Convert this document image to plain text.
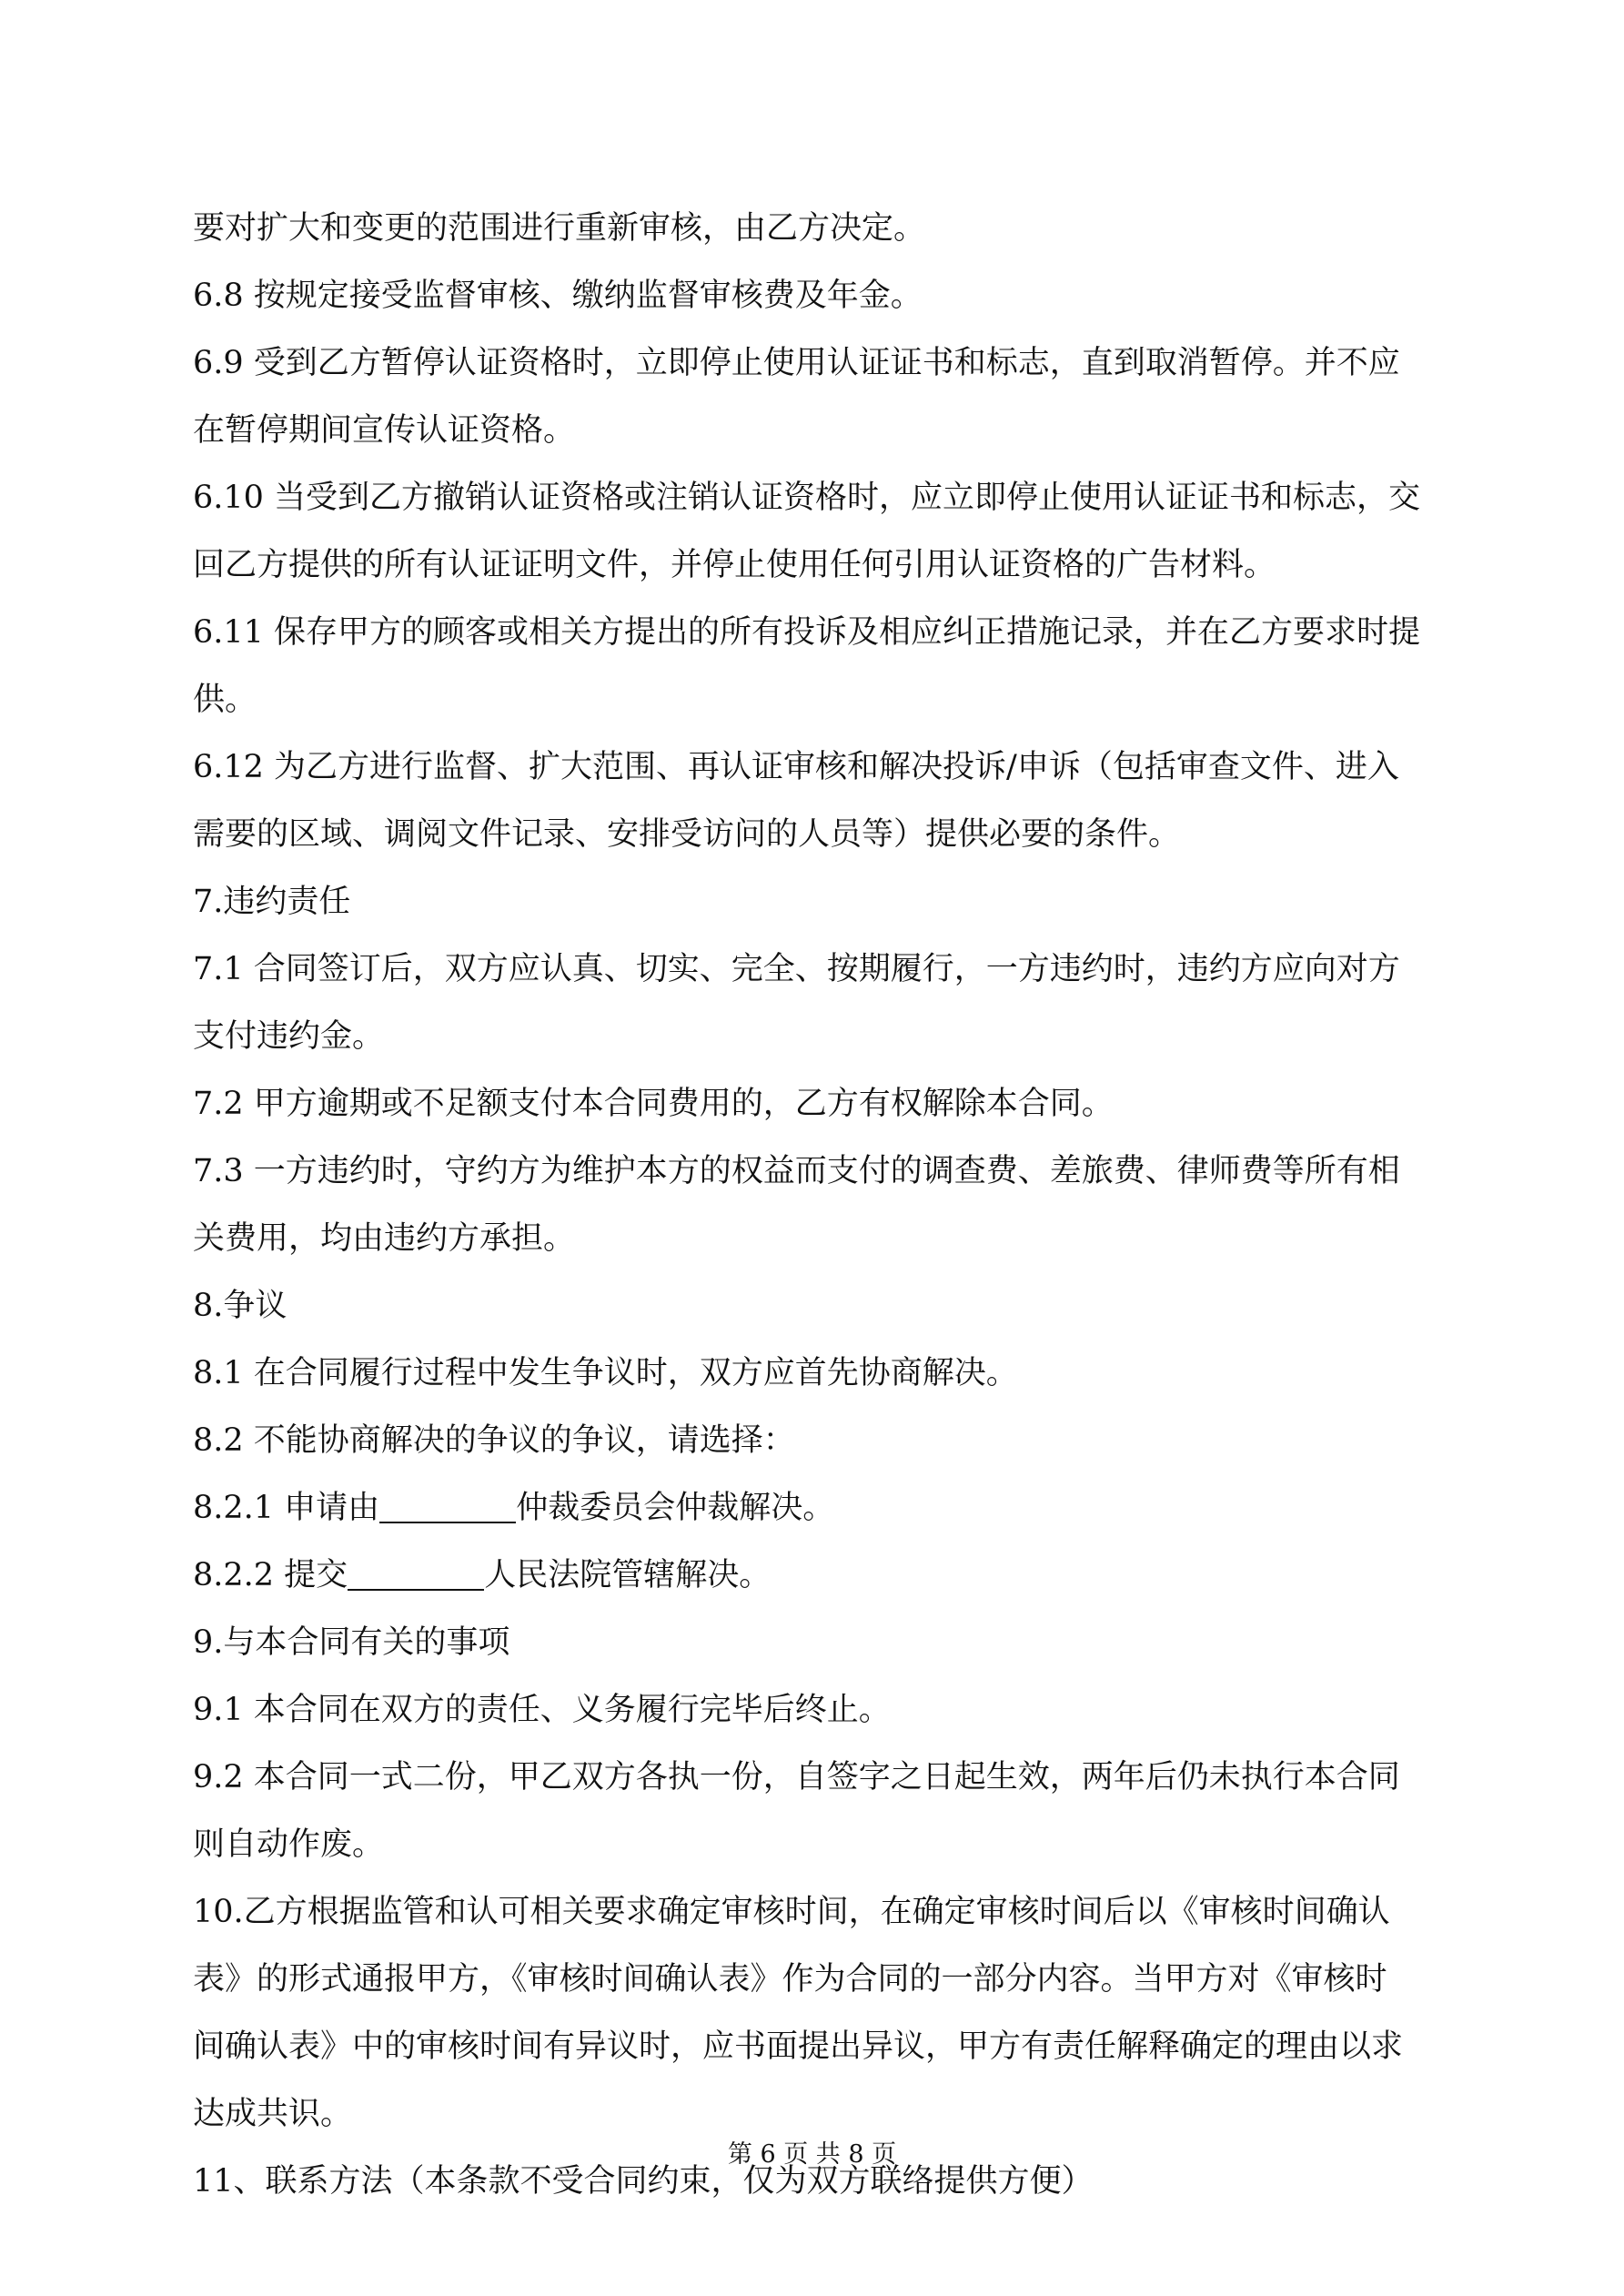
要对扩大和变更的范围进行重新审核，由乙方决定。
6.8 按规定接受监督审核、缴纳监督审核费及年金。
6.9 受到乙方暂停认证资格时，立即停止使用认证证书和标志，直到取消暂停。并不应
在暂停期间宣传认证资格。
6.10 当受到乙方撤销认证资格或注销认证资格时，应立即停止使用认证证书和标志，交
回乙方提供的所有认证证明文件，并停止使用任何引用认证资格的广告材料。
6.11 保存甲方的顾客或相关方提出的所有投诉及相应纠正措施记录，并在乙方要求时提
供。
6.12 为乙方进行监督、扩大范围、再认证审核和解决投诉/申诉（包括审查文件、进入
需要的区域、调阅文件记录、安排受访问的人员等）提供必要的条件。
7.违约责任
7.1 合同签订后，双方应认真、切实、完全、按期履行，一方违约时，违约方应向对方
支付违约金。
7.2 甲方逾期或不足额支付本合同费用的，乙方有权解除本合同。
7.3 一方违约时，守约方为维护本方的权益而支付的调查费、差旅费、律师费等所有相
关费用，均由违约方承担。
8.争议
8.1 在合同履行过程中发生争议时，双方应首先协商解决。
8.2 不能协商解决的争议的争议，请选择：
8.2.1 申请由	仲裁委员会仲裁解决。
8.2.2 提交	人民法院管辖解决。
9.与本合同有关的事项
9.1 本合同在双方的责任、义务履行完毕后终止。
9.2 本合同一式二份，甲乙双方各执一份，自签字之日起生效，两年后仍未执行本合同
则自动作废。
10.乙方根据监管和认可相关要求确定审核时间，在确定审核时间后以《审核时间确认
表》的形式通报甲方，《审核时间确认表》作为合同的一部分内容。当甲方对《审核时
间确认表》中的审核时间有异议时，应书面提出异议，甲方有责任解释确定的理由以求
达成共识。
11、联系方法（本条款不受合同约束，仅为双方联络提供方便）
第 6 页 共 8 页
